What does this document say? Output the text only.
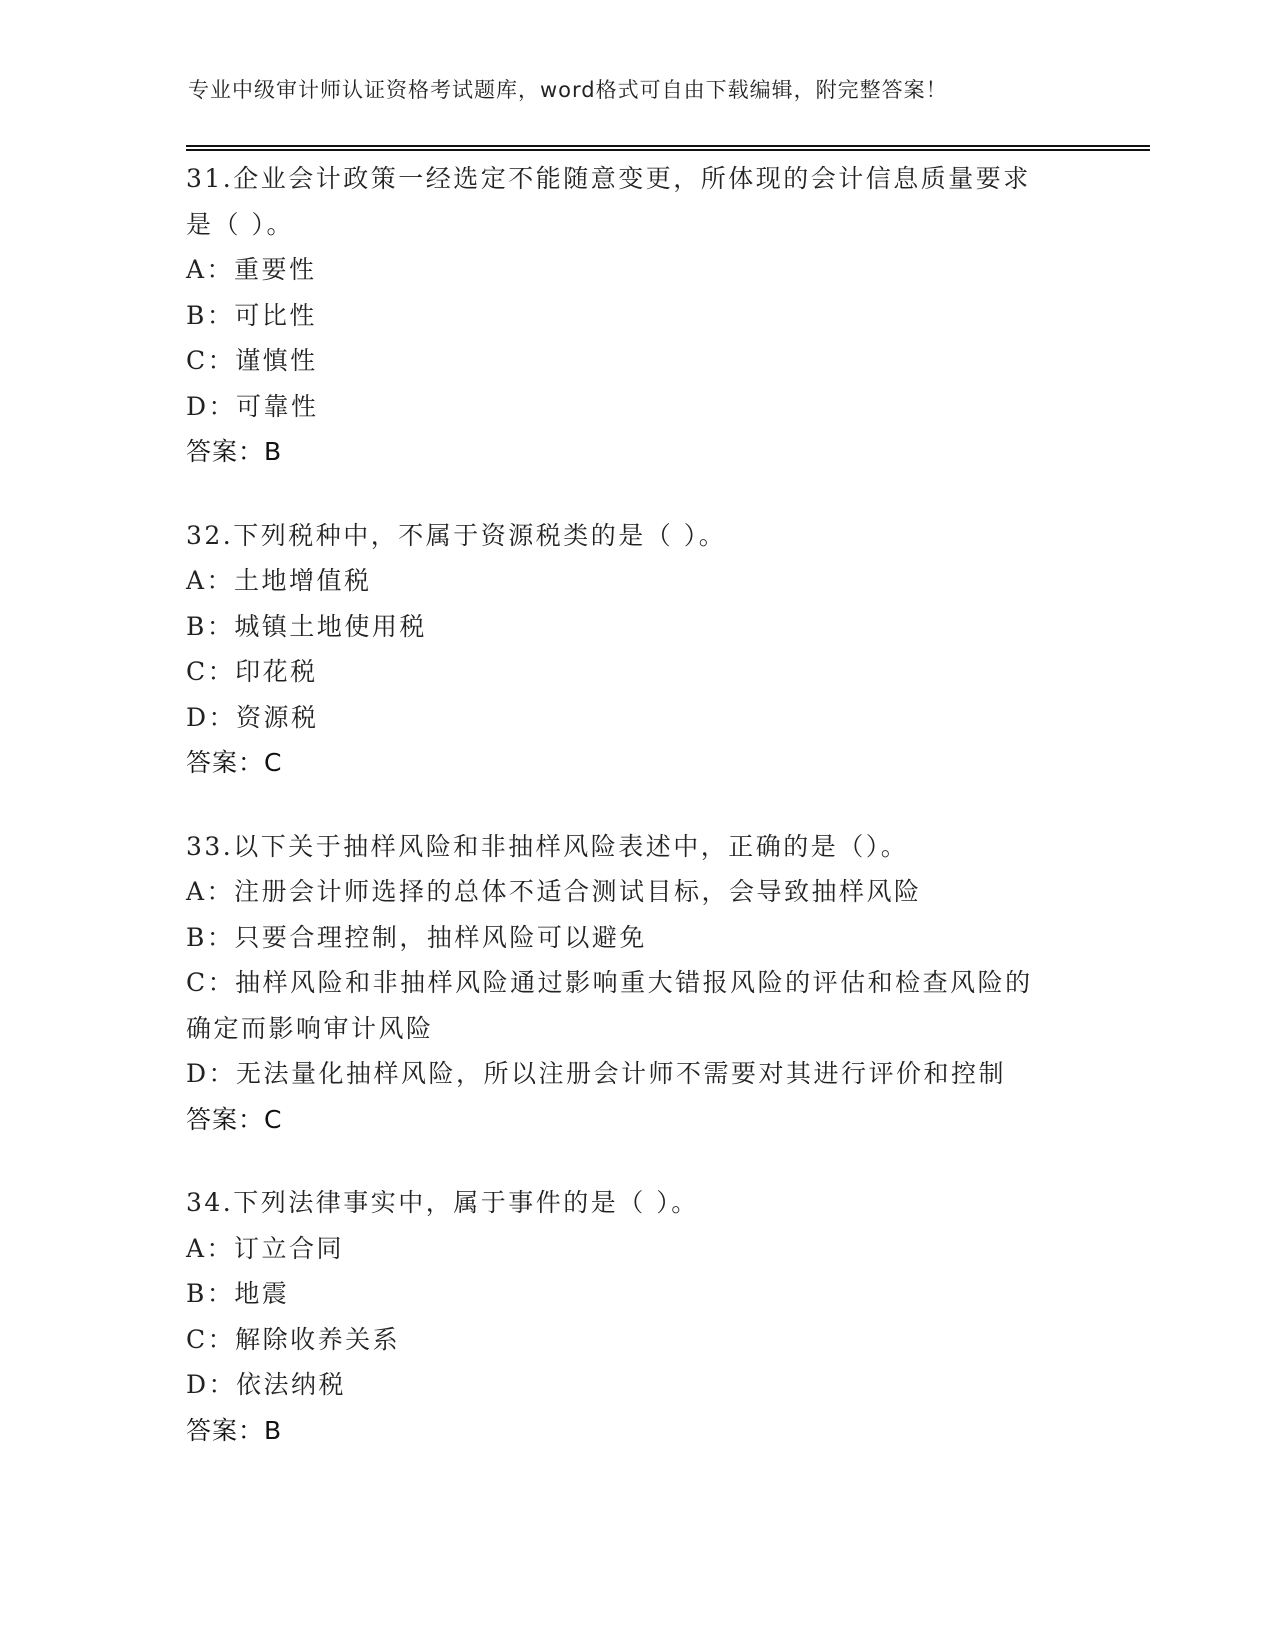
专业中级审计师认证资格考试题库，word格式可自由下载编辑，附完整答案！
31.企业会计政策一经选定不能随意变更，所体现的会计信息质量要求
是（ ）。
A：重要性
B：可比性
C：谨慎性
D：可靠性
答案：B
32.下列税种中，不属于资源税类的是（ ）。
A：土地增值税
B：城镇土地使用税
C：印花税
D：资源税
答案：C
33.以下关于抽样风险和非抽样风险表述中，正确的是（）。
A：注册会计师选择的总体不适合测试目标，会导致抽样风险
B：只要合理控制，抽样风险可以避免
C：抽样风险和非抽样风险通过影响重大错报风险的评估和检查风险的
确定而影响审计风险
D：无法量化抽样风险，所以注册会计师不需要对其进行评价和控制
答案：C
34.下列法律事实中，属于事件的是（ ）。
A：订立合同
B：地震
C：解除收养关系
D：依法纳税
答案：B
